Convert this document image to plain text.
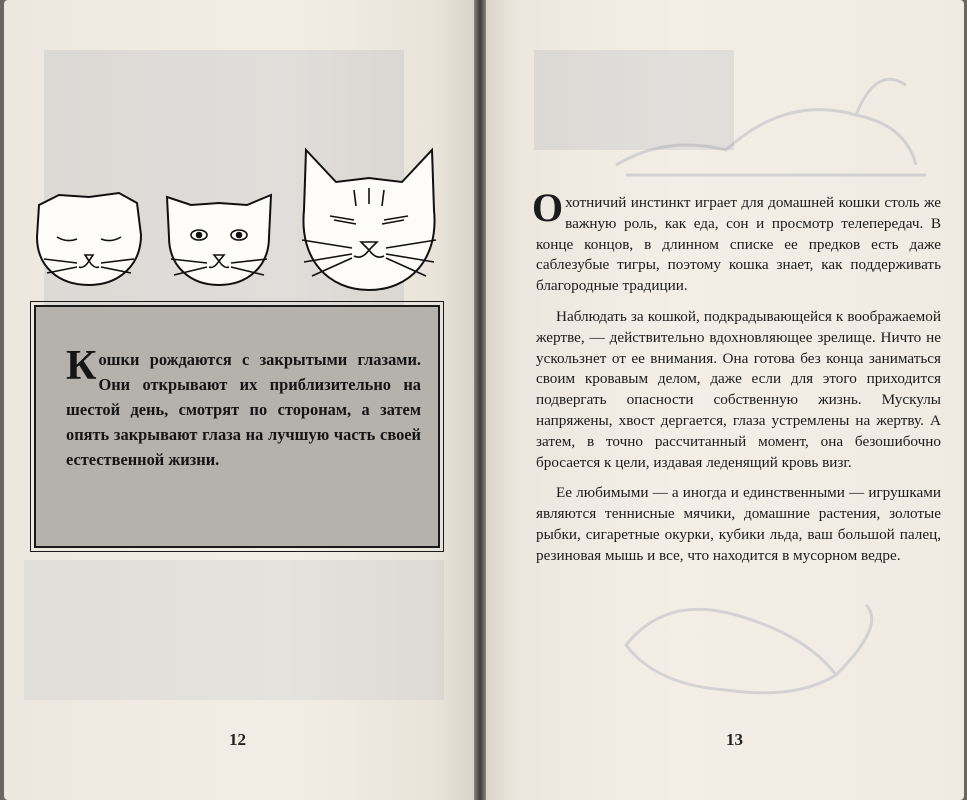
Кошки рождаются с закрытыми глазами. Они открывают их приблизительно на шестой день, смотрят по сторонам, а затем опять закрывают глаза на лучшую часть своей естественной жизни.
12

Охотничий инстинкт играет для домашней кошки столь же важную роль, как еда, сон и просмотр телепередач. В конце концов, в длинном списке ее предков есть даже саблезубые тигры, поэтому кошка знает, как поддерживать благородные традиции.

Наблюдать за кошкой, подкрадывающейся к воображаемой жертве, — действительно вдохновляющее зрелище. Ничто не ускользнет от ее внимания. Она готова без конца заниматься своим кровавым делом, даже если для этого приходится подвергать опасности собственную жизнь. Мускулы напряжены, хвост дергается, глаза устремлены на жертву. А затем, в точно рассчитанный момент, она безошибочно бросается к цели, издавая леденящий кровь визг.

Ее любимыми — а иногда и единственными — игрушками являются теннисные мячики, домашние растения, золотые рыбки, сигаретные окурки, кубики льда, ваш большой палец, резиновая мышь и все, что находится в мусорном ведре.

13
